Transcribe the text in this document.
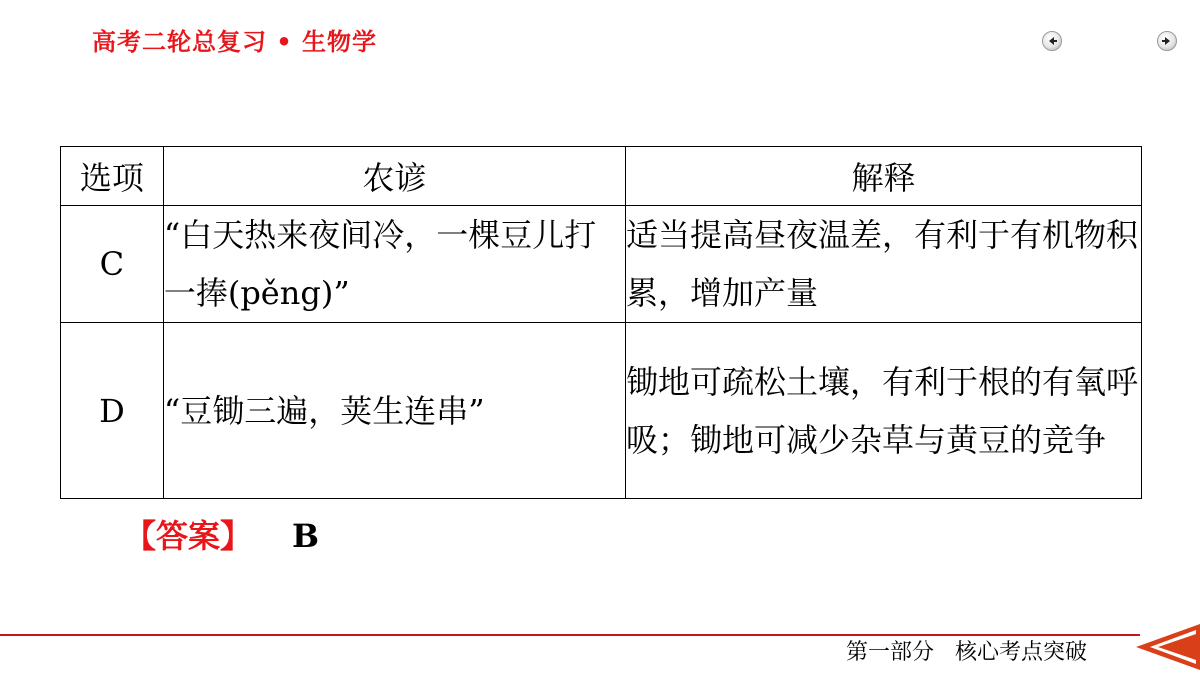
高考二轮总复习 • 生物学
选项	农谚	解释
C	“白天热来夜间冷，一棵豆儿打一捧(pěng)”	适当提高昼夜温差，有利于有机物积累，增加产量
D	“豆锄三遍，荚生连串”	锄地可疏松土壤，有利于根的有氧呼吸；锄地可减少杂草与黄豆的竞争
【答案】 B
第一部分   核心考点突破
